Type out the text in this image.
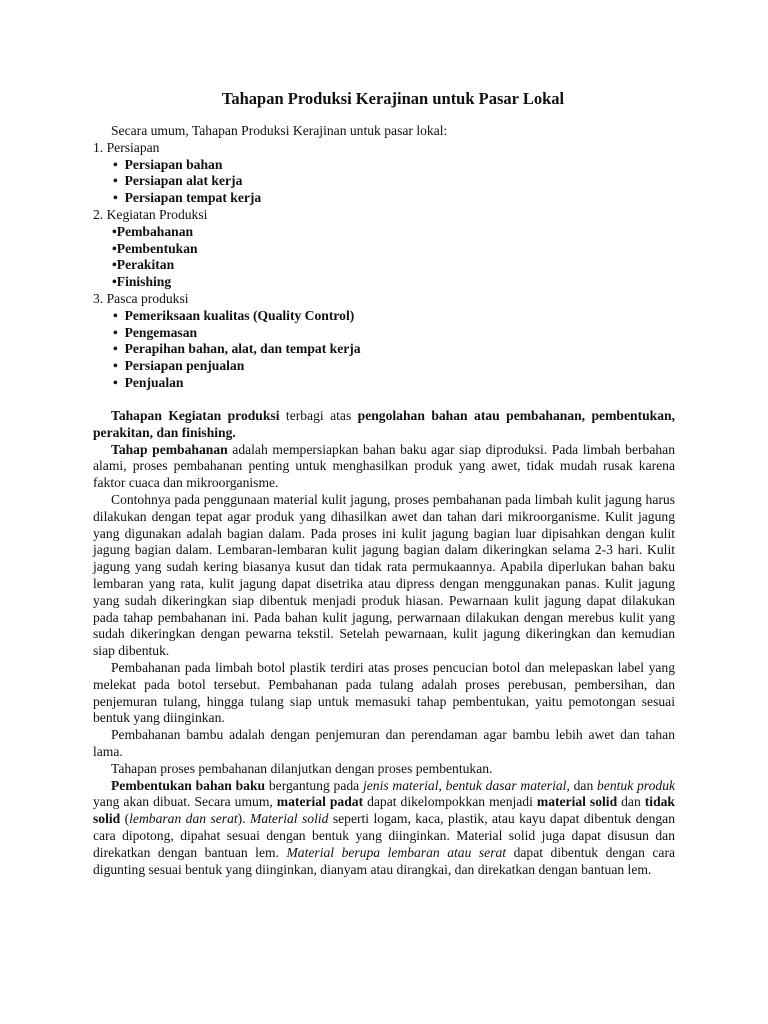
Tahapan Produksi Kerajinan untuk Pasar Lokal
Secara umum, Tahapan Produksi Kerajinan untuk pasar lokal:
1. Persiapan
• Persiapan bahan
• Persiapan alat kerja
• Persiapan tempat kerja
2. Kegiatan Produksi
•Pembahanan
•Pembentukan
•Perakitan
•Finishing
3. Pasca produksi
• Pemeriksaan kualitas (Quality Control)
• Pengemasan
• Perapihan bahan, alat, dan tempat kerja
• Persiapan penjualan
• Penjualan

Tahapan Kegiatan produksi terbagi atas pengolahan bahan atau pembahanan, pembentukan, perakitan, dan finishing.

Tahap pembahanan adalah mempersiapkan bahan baku agar siap diproduksi. Pada limbah berbahan alami, proses pembahanan penting untuk menghasilkan produk yang awet, tidak mudah rusak karena faktor cuaca dan mikroorganisme.

Contohnya pada penggunaan material kulit jagung, proses pembahanan pada limbah kulit jagung harus dilakukan dengan tepat agar produk yang dihasilkan awet dan tahan dari mikroorganisme. Kulit jagung yang digunakan adalah bagian dalam. Pada proses ini kulit jagung bagian luar dipisahkan dengan kulit jagung bagian dalam. Lembaran-lembaran kulit jagung bagian dalam dikeringkan selama 2-3 hari. Kulit jagung yang sudah kering biasanya kusut dan tidak rata permukaannya. Apabila diperlukan bahan baku lembaran yang rata, kulit jagung dapat disetrika atau dipress dengan menggunakan panas. Kulit jagung yang sudah dikeringkan siap dibentuk menjadi produk hiasan. Pewarnaan kulit jagung dapat dilakukan pada tahap pembahanan ini. Pada bahan kulit jagung, perwarnaan dilakukan dengan merebus kulit yang sudah dikeringkan dengan pewarna tekstil. Setelah pewarnaan, kulit jagung dikeringkan dan kemudian siap dibentuk.

Pembahanan pada limbah botol plastik terdiri atas proses pencucian botol dan melepaskan label yang melekat pada botol tersebut. Pembahanan pada tulang adalah proses perebusan, pembersihan, dan penjemuran tulang, hingga tulang siap untuk memasuki tahap pembentukan, yaitu pemotongan sesuai bentuk yang diinginkan.

Pembahanan bambu adalah dengan penjemuran dan perendaman agar bambu lebih awet dan tahan lama.

Tahapan proses pembahanan dilanjutkan dengan proses pembentukan.

Pembentukan bahan baku bergantung pada jenis material, bentuk dasar material, dan bentuk produk yang akan dibuat. Secara umum, material padat dapat dikelompokkan menjadi material solid dan tidak solid (lembaran dan serat). Material solid seperti logam, kaca, plastik, atau kayu dapat dibentuk dengan cara dipotong, dipahat sesuai dengan bentuk yang diinginkan. Material solid juga dapat disusun dan direkatkan dengan bantuan lem. Material berupa lembaran atau serat dapat dibentuk dengan cara digunting sesuai bentuk yang diinginkan, dianyam atau dirangkai, dan direkatkan dengan bantuan lem.
